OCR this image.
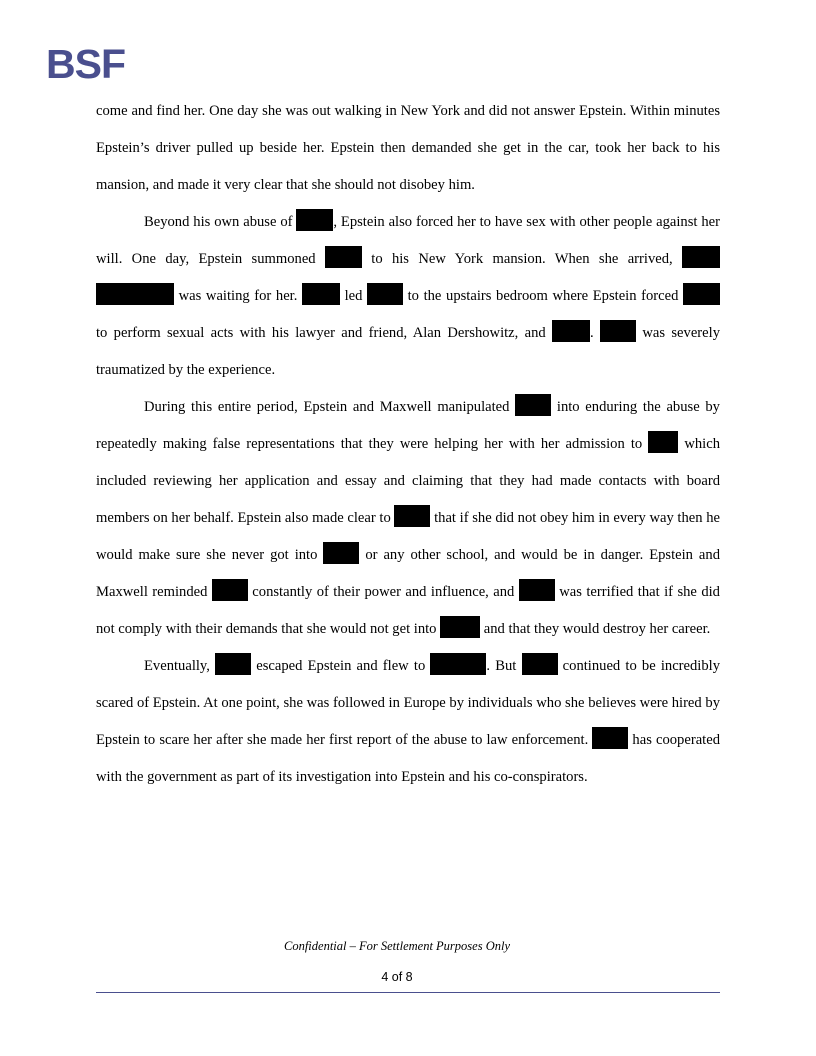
BSF

come and find her. One day she was out walking in New York and did not answer Epstein. Within minutes Epstein’s driver pulled up beside her. Epstein then demanded she get in the car, took her back to his mansion, and made it very clear that she should not disobey him.

Beyond his own abuse of	, Epstein also forced her to have sex with other people against her will. One day, Epstein summoned	to his New York mansion. When she arrived,   was waiting for her.	led  to the upstairs bedroom where Epstein forced  to perform sexual acts with his lawyer and friend, Alan Dershowitz, and	.  was severely traumatized by the experience.

During this entire period, Epstein and Maxwell manipulated  into enduring the abuse by repeatedly making false representations that they were helping her with her admission to  which included reviewing her application and essay and claiming that they had made contacts with board members on her behalf. Epstein also made clear to  that if she did not obey him in every way then he would make sure she never got into  or any other school, and would be in danger. Epstein and Maxwell reminded  constantly of their power and influence, and  was terrified that if she did not comply with their demands that she would not get into	and that they would destroy her career.

Eventually,  escaped Epstein and flew to	. But  continued to be incredibly scared of Epstein. At one point, she was followed in Europe by individuals who she believes were hired by Epstein to scare her after she made her first report of the abuse to law enforcement.  has cooperated with the government as part of its investigation into Epstein and his co-conspirators.

Confidential – For Settlement Purposes Only
4 of 8
